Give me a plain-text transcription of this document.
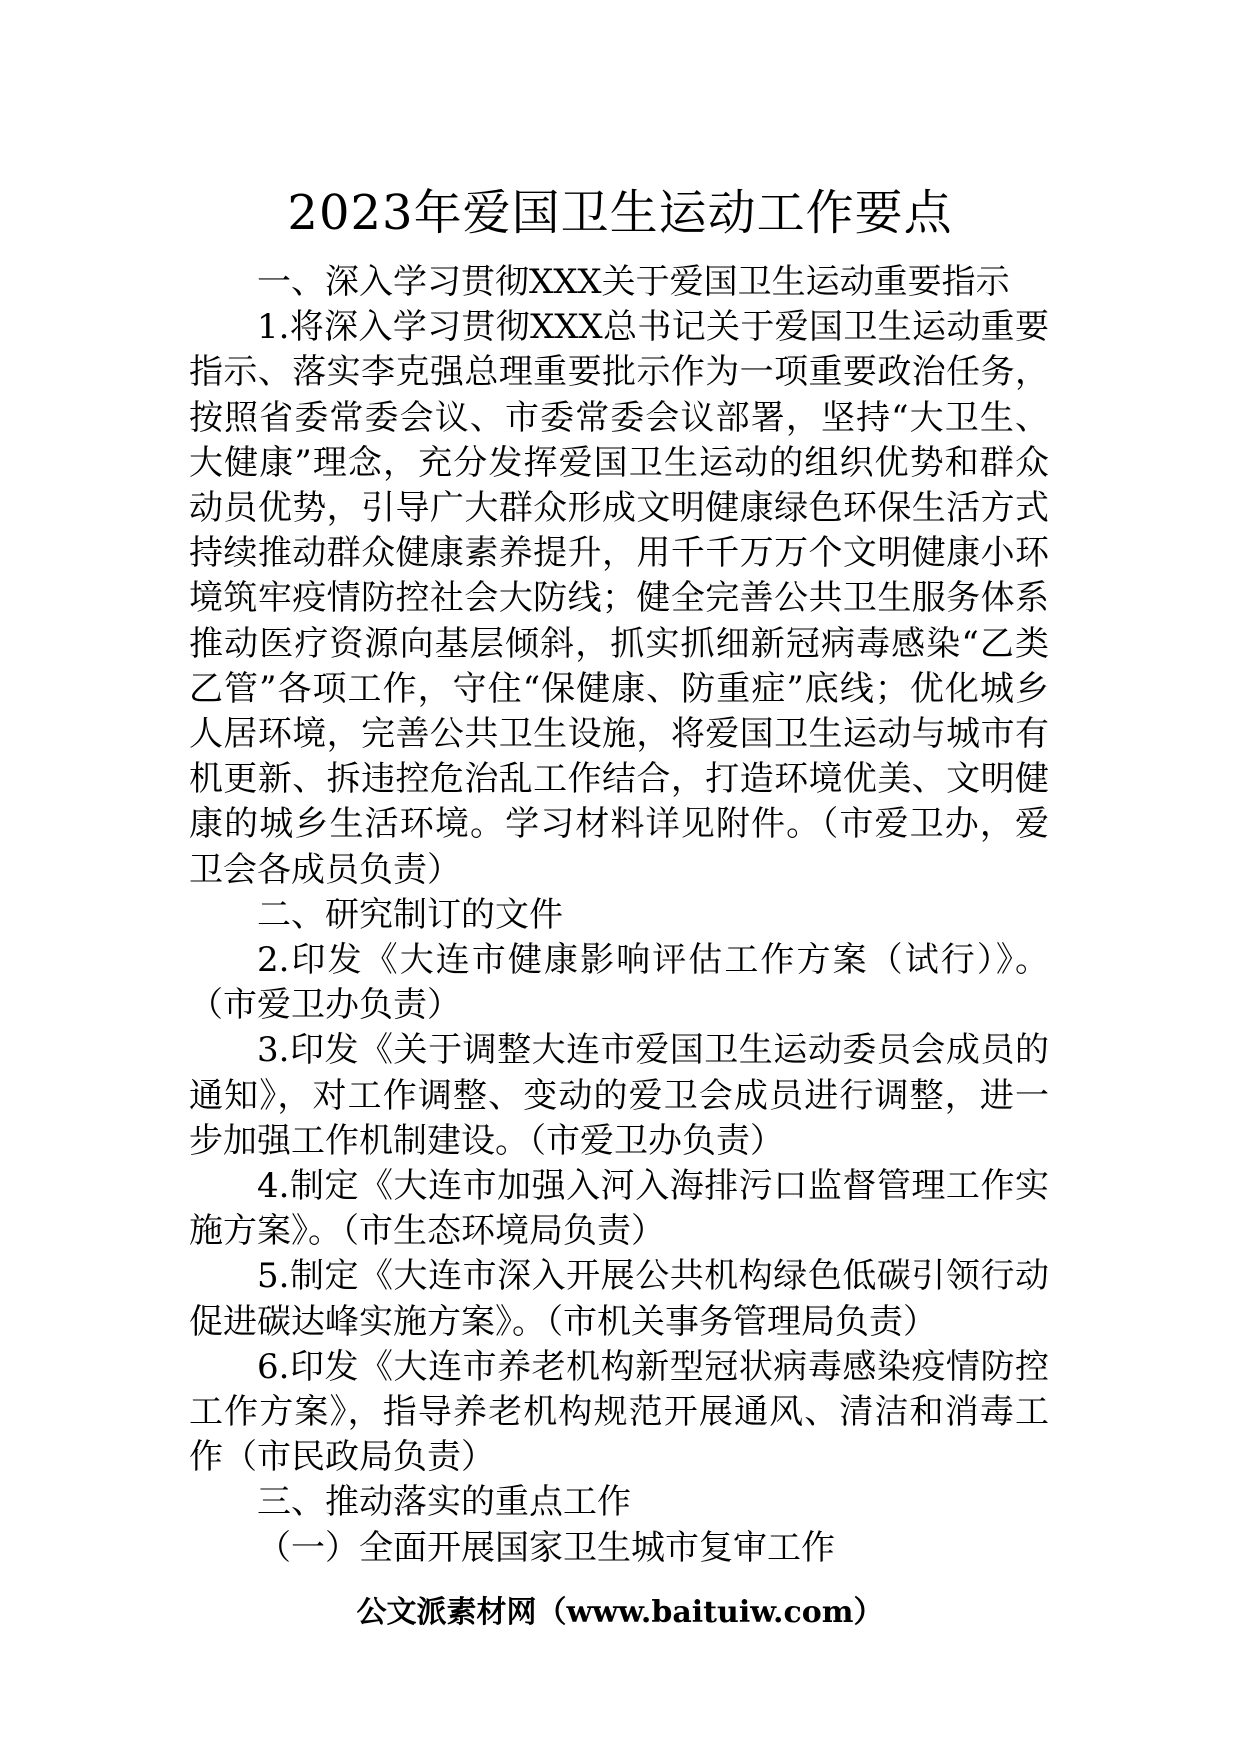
2023年爱国卫生运动工作要点

一、深入学习贯彻XXX关于爱国卫生运动重要指示

1.将深入学习贯彻XXX总书记关于爱国卫生运动重要指示、落实李克强总理重要批示作为一项重要政治任务，按照省委常委会议、市委常委会议部署，坚持“大卫生、大健康”理念，充分发挥爱国卫生运动的组织优势和群众动员优势，引导广大群众形成文明健康绿色环保生活方式持续推动群众健康素养提升，用千千万万个文明健康小环境筑牢疫情防控社会大防线；健全完善公共卫生服务体系推动医疗资源向基层倾斜，抓实抓细新冠病毒感染“乙类乙管”各项工作，守住“保健康、防重症”底线；优化城乡人居环境，完善公共卫生设施，将爱国卫生运动与城市有机更新、拆违控危治乱工作结合，打造环境优美、文明健康的城乡生活环境。学习材料详见附件。（市爱卫办，爱卫会各成员负责）

二、研究制订的文件

2.印发《大连市健康影响评估工作方案（试行）》。（市爱卫办负责）

3.印发《关于调整大连市爱国卫生运动委员会成员的通知》，对工作调整、变动的爱卫会成员进行调整，进一步加强工作机制建设。（市爱卫办负责）

4.制定《大连市加强入河入海排污口监督管理工作实施方案》。（市生态环境局负责）

5.制定《大连市深入开展公共机构绿色低碳引领行动促进碳达峰实施方案》。（市机关事务管理局负责）

6.印发《大连市养老机构新型冠状病毒感染疫情防控工作方案》，指导养老机构规范开展通风、清洁和消毒工作（市民政局负责）

三、推动落实的重点工作

（一）全面开展国家卫生城市复审工作

公文派素材网（www.baituiw.com）
